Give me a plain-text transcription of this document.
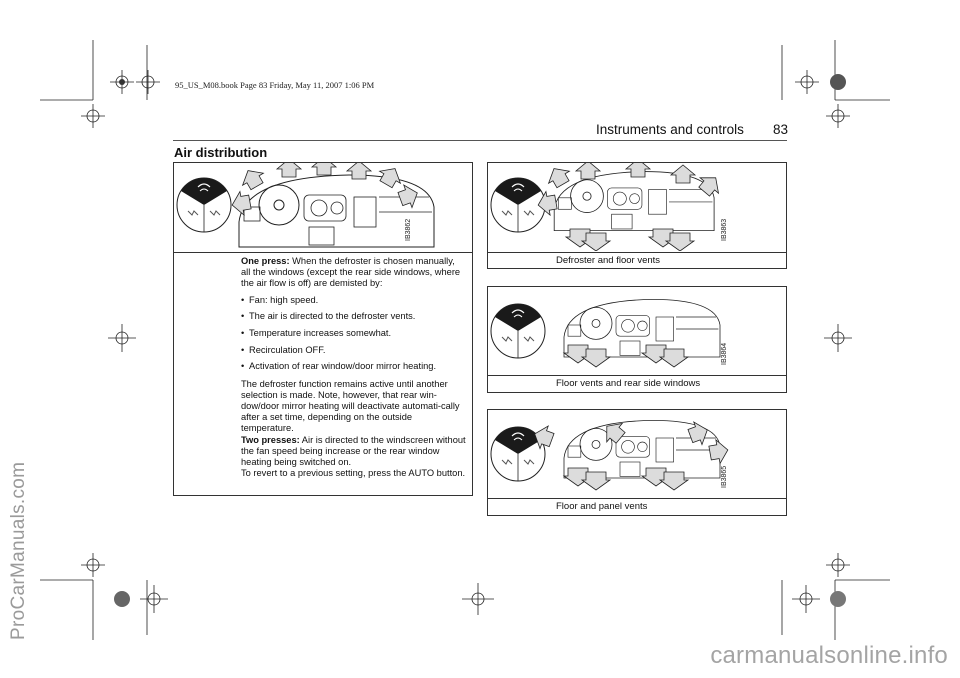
ProCarManuals.com
carmanualsonline.info
95_US_M08.book Page 83 Friday, May 11, 2007 1:06 PM
Instruments and controls 83
Air distribution
IB3862

One press: When the defroster is chosen manually, all the windows (except the rear side windows, where the air flow is off) are demisted by:

• Fan: high speed.
• The air is directed to the defroster vents.
• Temperature increases somewhat.
• Recirculation OFF.
• Activation of rear window/door mirror heating.

The defroster function remains active until another selection is made. Note, however, that rear win-dow/door mirror heating will deactivate automati-cally after a set time, depending on the outside temperature.

Two presses: Air is directed to the windscreen without the fan speed being increase or the rear window heating being switched on.

To revert to a previous setting, press the AUTO button.

IB3863
Defroster and floor vents
IB3864
Floor vents and rear side windows
IB3865
Floor and panel vents
